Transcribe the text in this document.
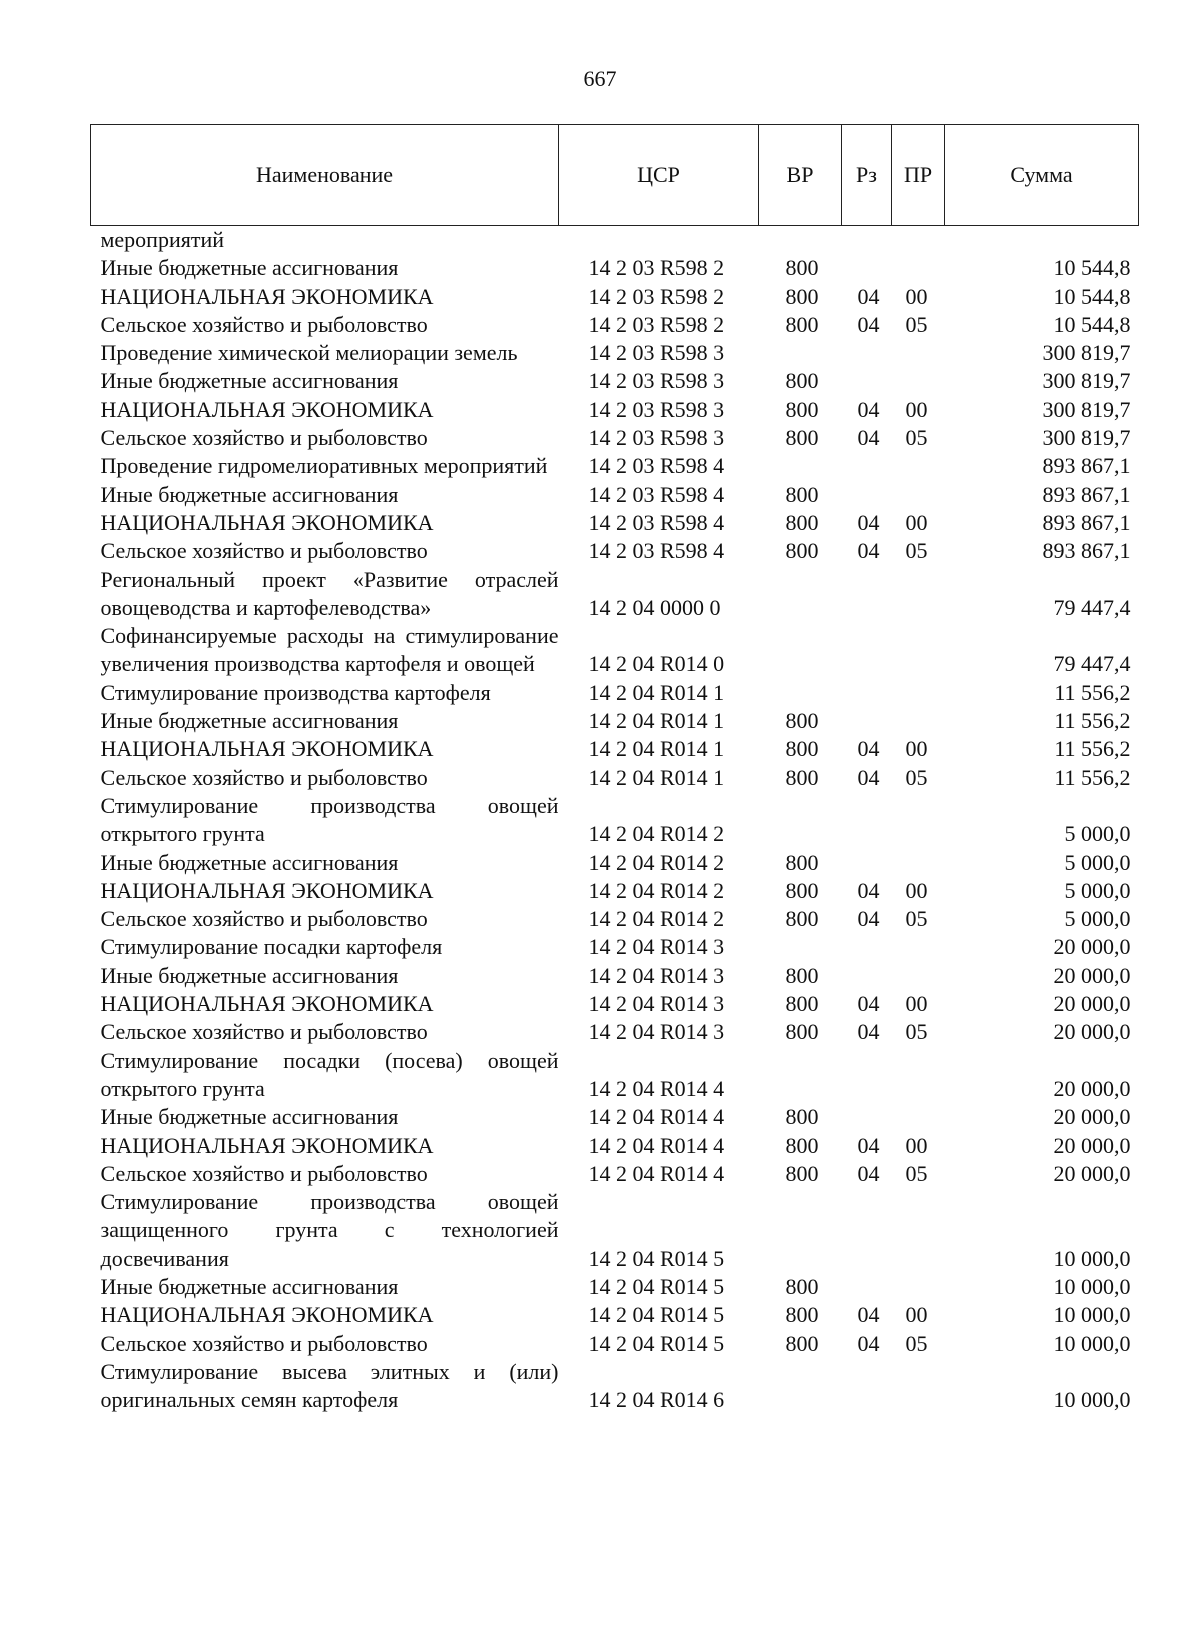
667
Наименование	ЦСР	ВР	Рз	ПР	Сумма
мероприятий					
Иные бюджетные ассигнования	14 2 03 R598 2	800			10 544,8
НАЦИОНАЛЬНАЯ ЭКОНОМИКА	14 2 03 R598 2	800	04	00	10 544,8
Сельское хозяйство и рыболовство	14 2 03 R598 2	800	04	05	10 544,8
Проведение химической мелиорации земель	14 2 03 R598 3				300 819,7
Иные бюджетные ассигнования	14 2 03 R598 3	800			300 819,7
НАЦИОНАЛЬНАЯ ЭКОНОМИКА	14 2 03 R598 3	800	04	00	300 819,7
Сельское хозяйство и рыболовство	14 2 03 R598 3	800	04	05	300 819,7
Проведение гидромелиоративных мероприятий	14 2 03 R598 4				893 867,1
Иные бюджетные ассигнования	14 2 03 R598 4	800			893 867,1
НАЦИОНАЛЬНАЯ ЭКОНОМИКА	14 2 03 R598 4	800	04	00	893 867,1
Сельское хозяйство и рыболовство	14 2 03 R598 4	800	04	05	893 867,1
Региональный проект «Развитие отраслей овощеводства и картофелеводства»	14 2 04 0000 0				79 447,4
Софинансируемые расходы на стимулирование увеличения производства картофеля и овощей	14 2 04 R014 0				79 447,4
Стимулирование производства картофеля	14 2 04 R014 1				11 556,2
Иные бюджетные ассигнования	14 2 04 R014 1	800			11 556,2
НАЦИОНАЛЬНАЯ ЭКОНОМИКА	14 2 04 R014 1	800	04	00	11 556,2
Сельское хозяйство и рыболовство	14 2 04 R014 1	800	04	05	11 556,2
Стимулирование производства овощей открытого грунта	14 2 04 R014 2				5 000,0
Иные бюджетные ассигнования	14 2 04 R014 2	800			5 000,0
НАЦИОНАЛЬНАЯ ЭКОНОМИКА	14 2 04 R014 2	800	04	00	5 000,0
Сельское хозяйство и рыболовство	14 2 04 R014 2	800	04	05	5 000,0
Стимулирование посадки картофеля	14 2 04 R014 3				20 000,0
Иные бюджетные ассигнования	14 2 04 R014 3	800			20 000,0
НАЦИОНАЛЬНАЯ ЭКОНОМИКА	14 2 04 R014 3	800	04	00	20 000,0
Сельское хозяйство и рыболовство	14 2 04 R014 3	800	04	05	20 000,0
Стимулирование посадки (посева) овощей открытого грунта	14 2 04 R014 4				20 000,0
Иные бюджетные ассигнования	14 2 04 R014 4	800			20 000,0
НАЦИОНАЛЬНАЯ ЭКОНОМИКА	14 2 04 R014 4	800	04	00	20 000,0
Сельское хозяйство и рыболовство	14 2 04 R014 4	800	04	05	20 000,0
Стимулирование производства овощей защищенного грунта с технологией досвечивания	14 2 04 R014 5				10 000,0
Иные бюджетные ассигнования	14 2 04 R014 5	800			10 000,0
НАЦИОНАЛЬНАЯ ЭКОНОМИКА	14 2 04 R014 5	800	04	00	10 000,0
Сельское хозяйство и рыболовство	14 2 04 R014 5	800	04	05	10 000,0
Стимулирование высева элитных и (или) оригинальных семян картофеля	14 2 04 R014 6				10 000,0
